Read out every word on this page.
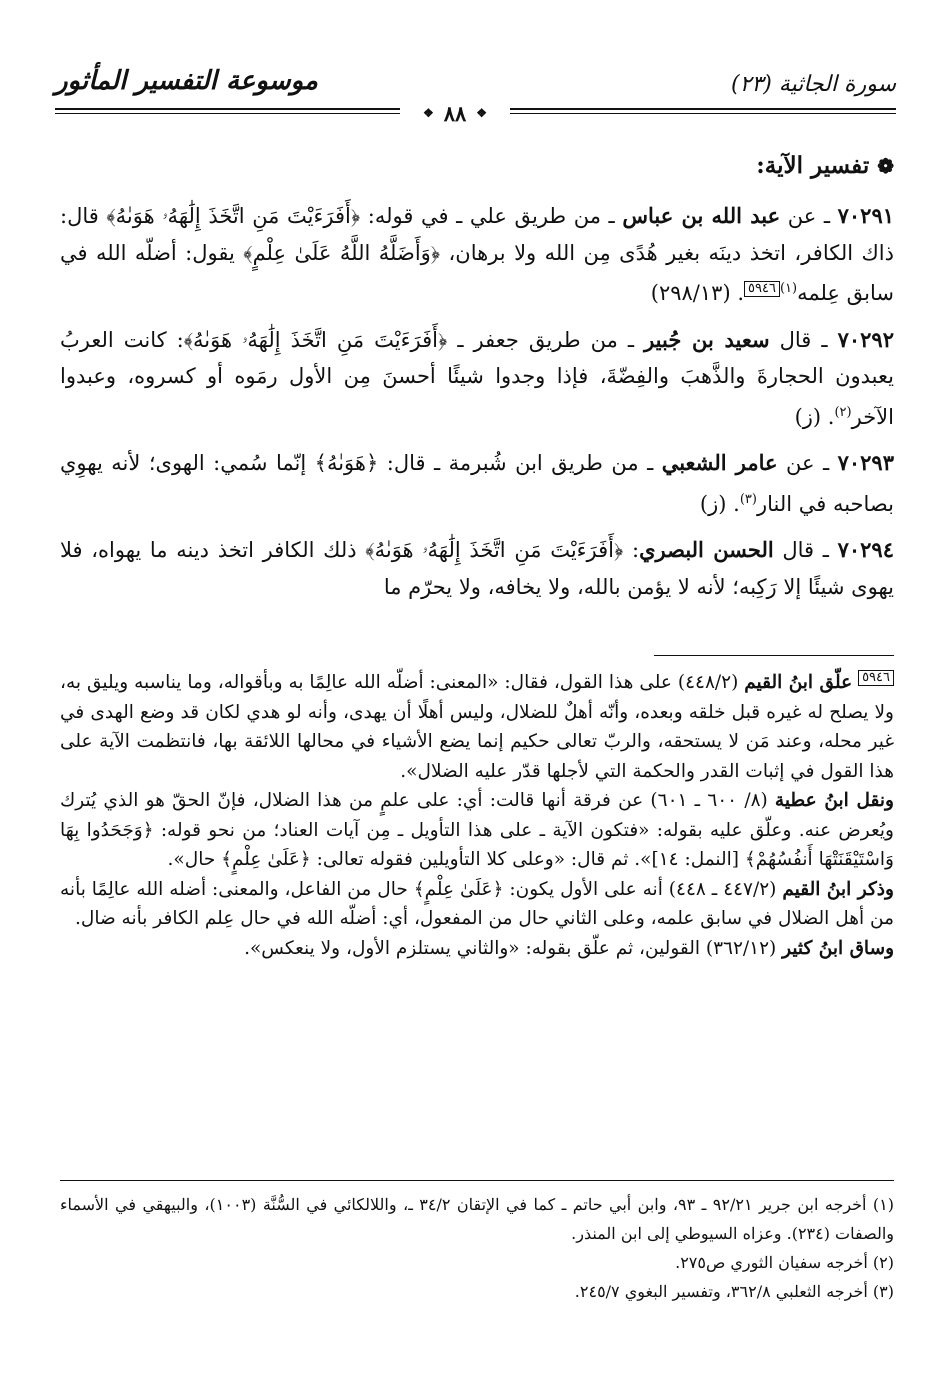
موسوعة التفسير المأثور	سورة الجاثية (٢٣)
❖ ٨٨ ❖
❁
تفسير الآية:

٧٠٢٩١ ـ عن عبد الله بن عباس ـ من طريق علي ـ في قوله: ﴿أَفَرَءَيْتَ مَنِ اتَّخَذَ إِلَٰهَهُۥ هَوَىٰهُ﴾ قال: ذاك الكافر، اتخذ دينَه بغير هُدًى مِن الله ولا برهان، ﴿وَأَضَلَّهُ اللَّهُ عَلَىٰ عِلْمٍ﴾ يقول: أضلّه الله في سابق عِلمه$^{(١)}$٥٩٤٦. (٢٩٨/١٣)

٧٠٢٩٢ ـ قال سعيد بن جُبير ـ من طريق جعفر ـ ﴿أَفَرَءَيْتَ مَنِ اتَّخَذَ إِلَٰهَهُۥ هَوَىٰهُ﴾: كانت العربُ يعبدون الحجارةَ والذَّهبَ والفِضّةَ، فإذا وجدوا شيئًا أحسنَ مِن الأول رمَوه أو كسروه، وعبدوا الآخر$^{(٢)}$. (ز)

٧٠٢٩٣ ـ عن عامر الشعبي ـ من طريق ابن شُبرمة ـ قال: ﴿هَوَىٰهُ﴾ إنّما سُمي: الهوى؛ لأنه يهوِي بصاحبه في النار$^{(٣)}$. (ز)

٧٠٢٩٤ ـ قال الحسن البصري: ﴿أَفَرَءَيْتَ مَنِ اتَّخَذَ إِلَٰهَهُۥ هَوَىٰهُ﴾ ذلك الكافر اتخذ دينه ما يهواه، فلا يهوى شيئًا إلا رَكِبه؛ لأنه لا يؤمن بالله، ولا يخافه، ولا يحرّم ما

٥٩٤٦ علّق ابنُ القيم (٤٤٨/٢) على هذا القول، فقال: «المعنى: أضلّه الله عالِمًا به وبأقواله، وما يناسبه ويليق به، ولا يصلح له غيره قبل خلقه وبعده، وأنّه أهلٌ للضلال، وليس أهلًا أن يهدى، وأنه لو هدي لكان قد وضع الهدى في غير محله، وعند مَن لا يستحقه، والربّ تعالى حكيم إنما يضع الأشياء في محالها اللائقة بها، فانتظمت الآية على هذا القول في إثبات القدر والحكمة التي لأجلها قدّر عليه الضلال».

ونقل ابنُ عطية (٨/ ٦٠٠ ـ ٦٠١) عن فرقة أنها قالت: أي: على علمٍ من هذا الضلال، فإنّ الحقّ هو الذي يُترك ويُعرض عنه. وعلّق عليه بقوله: «فتكون الآية ـ على هذا التأويل ـ مِن آيات العناد؛ من نحو قوله: ﴿وَجَحَدُوا بِهَا وَاسْتَيْقَنَتْهَا أَنفُسُهُمْ﴾ [النمل: ١٤]». ثم قال: «وعلى كلا التأويلين فقوله تعالى: ﴿عَلَىٰ عِلْمٍ﴾ حال».

وذكر ابنُ القيم (٤٤٧/٢ ـ ٤٤٨) أنه على الأول يكون: ﴿عَلَىٰ عِلْمٍ﴾ حال من الفاعل، والمعنى: أضله الله عالِمًا بأنه من أهل الضلال في سابق علمه، وعلى الثاني حال من المفعول، أي: أضلّه الله في حال عِلم الكافر بأنه ضال.

وساق ابنُ كثير (٣٦٢/١٢) القولين، ثم علّق بقوله: «والثاني يستلزم الأول، ولا ينعكس».

(١) أخرجه ابن جرير ٩٢/٢١ ـ ٩٣، وابن أبي حاتم ـ كما في الإتقان ٣٤/٢ ـ، واللالكائي في السُّنَّة (١٠٠٣)، والبيهقي في الأسماء والصفات (٢٣٤). وعزاه السيوطي إلى ابن المنذر.

(٢) أخرجه سفيان الثوري ص٢٧٥.

(٣) أخرجه الثعلبي ٣٦٢/٨، وتفسير البغوي ٢٤٥/٧.
